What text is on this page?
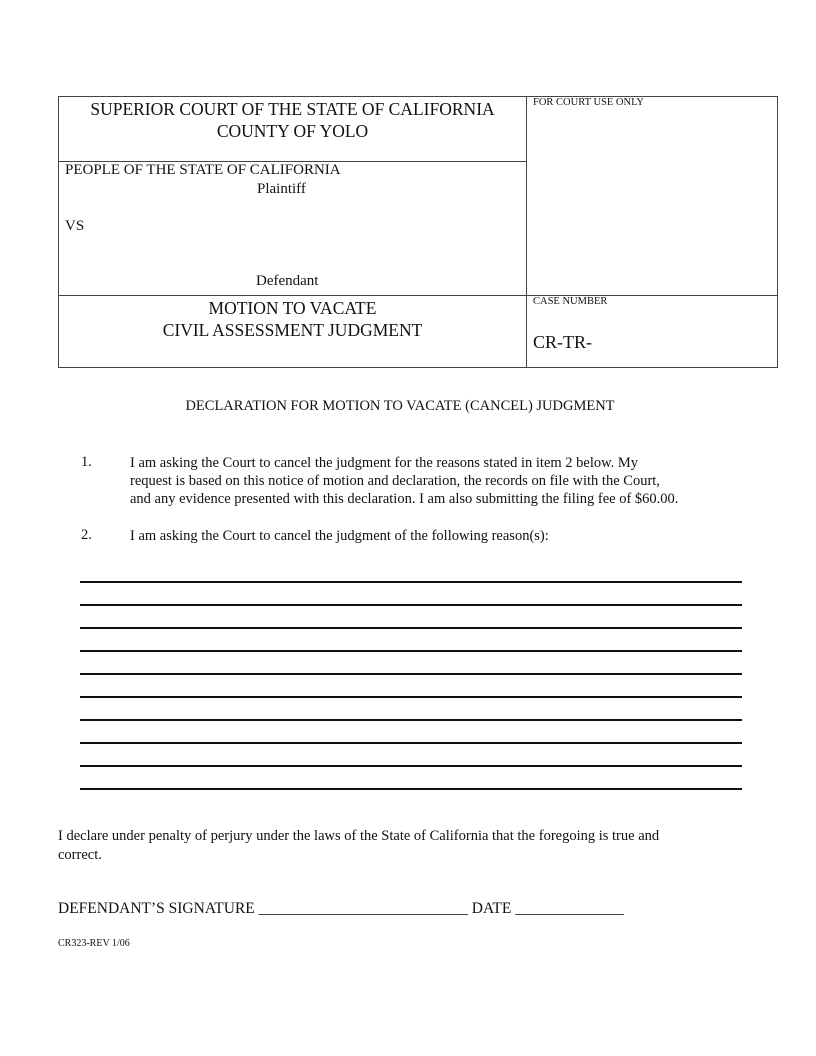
SUPERIOR COURT OF THE STATE OF CALIFORNIA
COUNTY OF YOLO
FOR COURT USE ONLY
PEOPLE OF THE STATE OF CALIFORNIA
Plaintiff
VS
Defendant
MOTION TO VACATE
CIVIL ASSESSMENT JUDGMENT
CASE NUMBER
CR-TR-
DECLARATION FOR MOTION TO VACATE (CANCEL) JUDGMENT
1.	I am asking the Court to cancel the judgment for the reasons stated in item 2 below. My
request is based on this notice of motion and declaration, the records on file with the Court,
and any evidence presented with this declaration. I am also submitting the filing fee of $60.00.
2.	I am asking the Court to cancel the judgment of the following reason(s):
I declare under penalty of perjury under the laws of the State of California that the foregoing is true and
correct.
DEFENDANT’S SIGNATURE ___________________________ DATE ______________
CR323-REV 1/06
